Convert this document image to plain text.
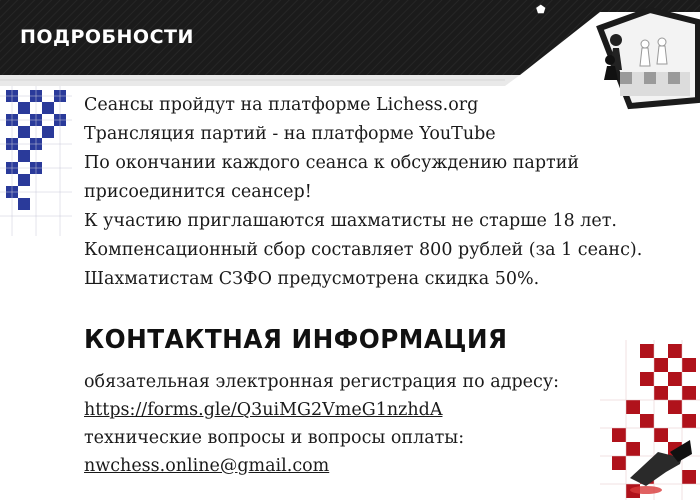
ПОДРОБНОСТИ
⬟
Сеансы пройдут на платформе Lichess.org
Трансляция партий - на платформе YouTube
По окончании каждого сеанса к обсуждению партий
присоединится сеансер!
К участию приглашаются шахматисты не старше 18 лет.
Компенсационный сбор составляет 800 рублей (за 1 сеанс).
Шахматистам СЗФО предусмотрена скидка 50%.
КОНТАКТНАЯ ИНФОРМАЦИЯ
обязательная электронная регистрация по адресу:
https://forms.gle/Q3uiMG2VmeG1nzhdA
технические вопросы и вопросы оплаты:
nwchess.online@gmail.com
